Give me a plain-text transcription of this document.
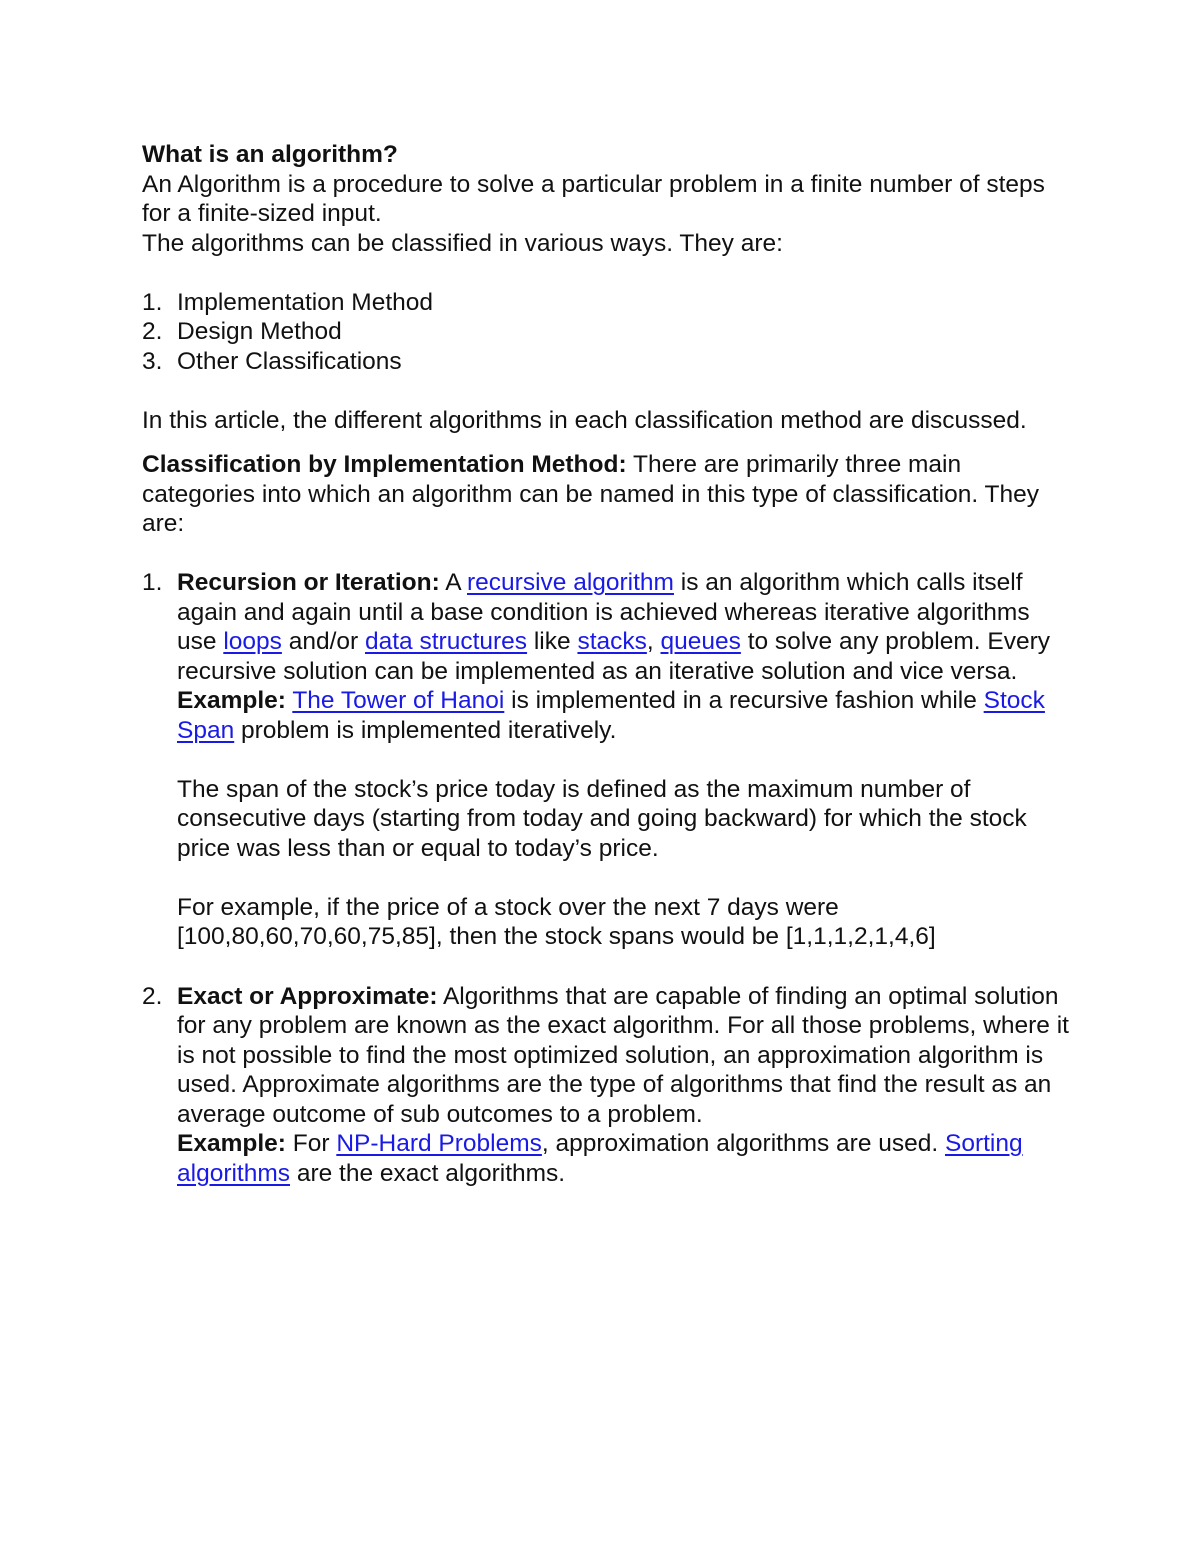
What is an algorithm?

An Algorithm is a procedure to solve a particular problem in a finite number of steps for a finite-sized input.

The algorithms can be classified in various ways. They are:

1. Implementation Method
2. Design Method
3. Other Classifications

In this article, the different algorithms in each classification method are discussed.

Classification by Implementation Method: There are primarily three main categories into which an algorithm can be named in this type of classification. They are:

1. Recursion or Iteration: A recursive algorithm is an algorithm which calls itself again and again until a base condition is achieved whereas iterative algorithms use loops and/or data structures like stacks, queues to solve any problem. Every recursive solution can be implemented as an iterative solution and vice versa.

Example: The Tower of Hanoi is implemented in a recursive fashion while Stock Span problem is implemented iteratively.

The span of the stock’s price today is defined as the maximum number of consecutive days (starting from today and going backward) for which the stock price was less than or equal to today’s price.

For example, if the price of a stock over the next 7 days were [100,80,60,70,60,75,85], then the stock spans would be [1,1,1,2,1,4,6]

2. Exact or Approximate: Algorithms that are capable of finding an optimal solution for any problem are known as the exact algorithm. For all those problems, where it is not possible to find the most optimized solution, an approximation algorithm is used. Approximate algorithms are the type of algorithms that find the result as an average outcome of sub outcomes to a problem.

Example: For NP-Hard Problems, approximation algorithms are used. Sorting algorithms are the exact algorithms.
